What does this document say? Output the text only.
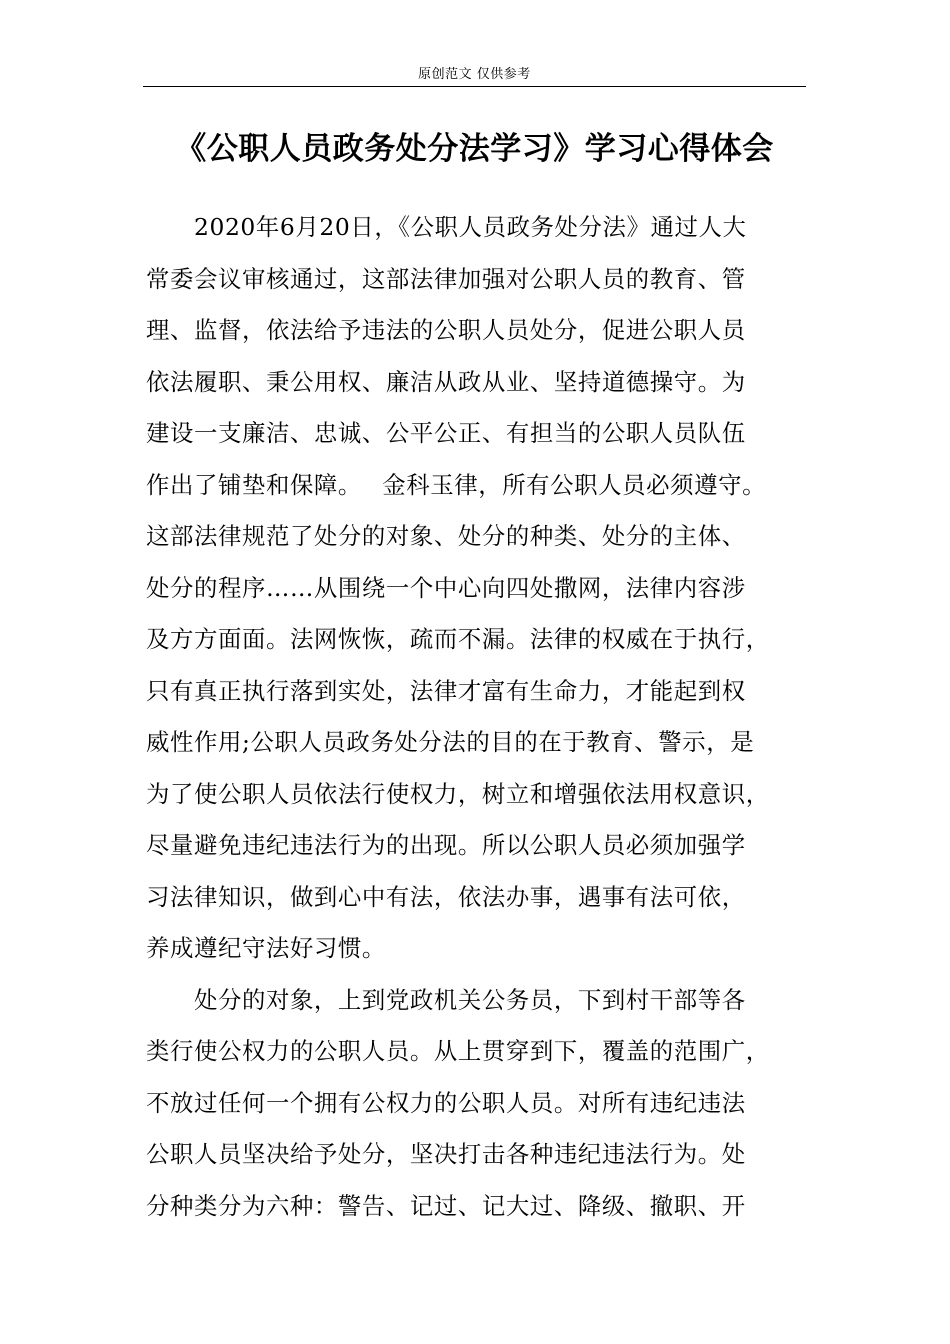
原创范文 仅供参考
《公职人员政务处分法学习》学习心得体会
　　2020年6月20日，《公职人员政务处分法》通过人大
常委会议审核通过，这部法律加强对公职人员的教育、管
理、监督，依法给予违法的公职人员处分，促进公职人员
依法履职、秉公用权、廉洁从政从业、坚持道德操守。为
建设一支廉洁、忠诚、公平公正、有担当的公职人员队伍
作出了铺垫和保障。　 金科玉律，所有公职人员必须遵守。
这部法律规范了处分的对象、处分的种类、处分的主体、
处分的程序……从围绕一个中心向四处撒网，法律内容涉
及方方面面。法网恢恢，疏而不漏。法律的权威在于执行，
只有真正执行落到实处，法律才富有生命力，才能起到权
威性作用;公职人员政务处分法的目的在于教育、警示，是
为了使公职人员依法行使权力，树立和增强依法用权意识，
尽量避免违纪违法行为的出现。所以公职人员必须加强学
习法律知识，做到心中有法，依法办事，遇事有法可依，
养成遵纪守法好习惯。
　　处分的对象，上到党政机关公务员，下到村干部等各
类行使公权力的公职人员。从上贯穿到下，覆盖的范围广，
不放过任何一个拥有公权力的公职人员。对所有违纪违法
公职人员坚决给予处分，坚决打击各种违纪违法行为。处
分种类分为六种：警告、记过、记大过、降级、撤职、开
